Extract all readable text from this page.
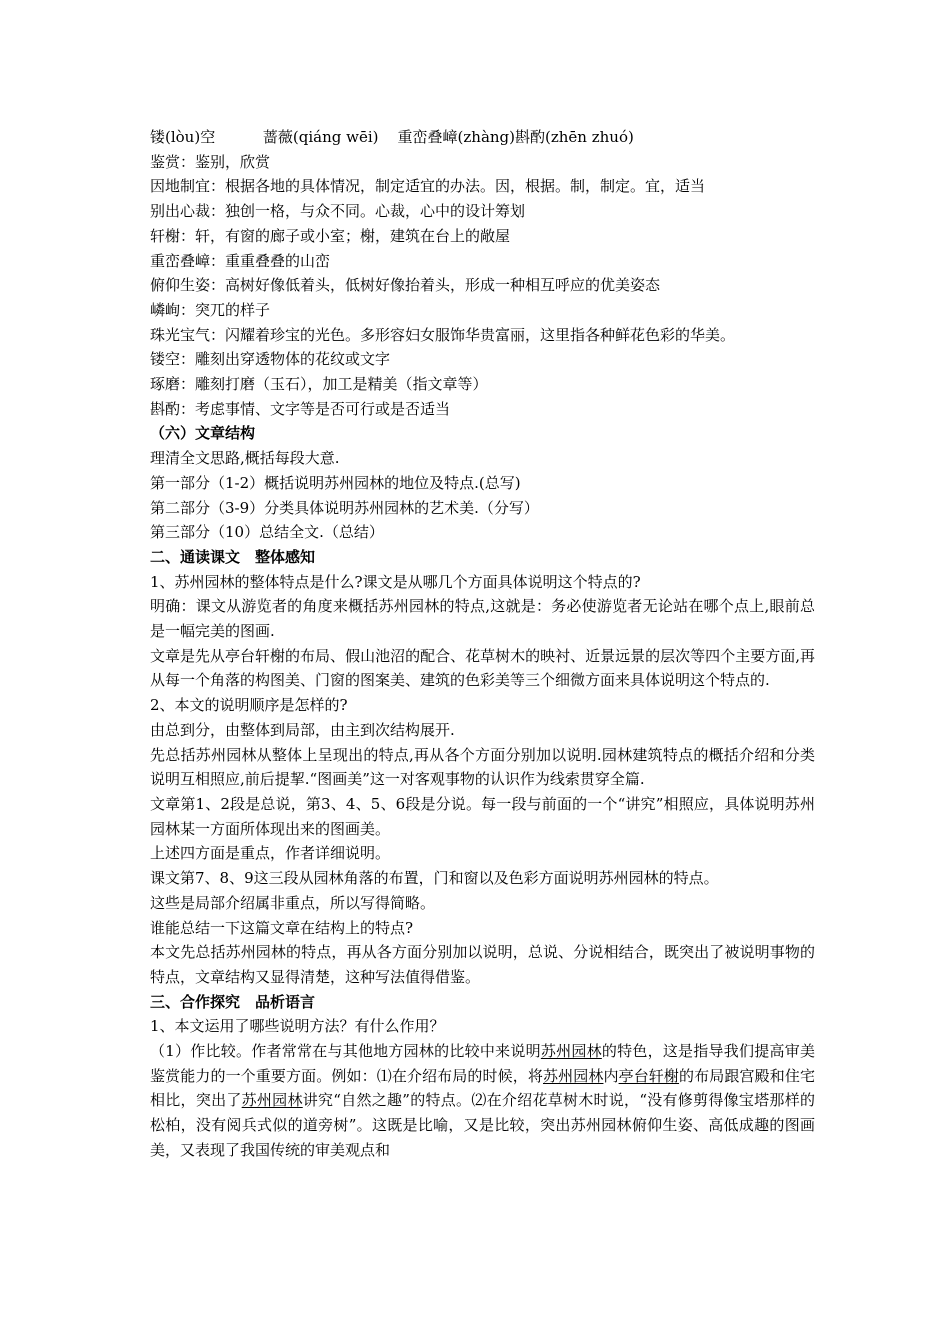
镂(lòu)空          蔷薇(qiáng wēi)    重峦叠嶂(zhàng)斟酌(zhēn zhuó)
鉴赏：鉴别，欣赏
因地制宜：根据各地的具体情况，制定适宜的办法。因，根据。制，制定。宜，适当
别出心裁：独创一格，与众不同。心裁，心中的设计筹划
轩榭：轩，有窗的廊子或小室；榭，建筑在台上的敞屋
重峦叠嶂：重重叠叠的山峦
俯仰生姿：高树好像低着头，低树好像抬着头，形成一种相互呼应的优美姿态
嶙峋：突兀的样子
珠光宝气：闪耀着珍宝的光色。多形容妇女服饰华贵富丽，这里指各种鲜花色彩的华美。
镂空：雕刻出穿透物体的花纹或文字
琢磨：雕刻打磨（玉石），加工是精美（指文章等）
斟酌：考虑事情、文字等是否可行或是否适当
（六）文章结构
理清全文思路,概括每段大意.
第一部分（1-2）概括说明苏州园林的地位及特点.(总写)
第二部分（3-9）分类具体说明苏州园林的艺术美.（分写）
第三部分（10）总结全文.（总结）
二、通读课文　整体感知
1、苏州园林的整体特点是什么?课文是从哪几个方面具体说明这个特点的?
明确：课文从游览者的角度来概括苏州园林的特点,这就是：务必使游览者无论站在哪个点上,眼前总是一幅完美的图画.
文章是先从亭台轩榭的布局、假山池沼的配合、花草树木的映衬、近景远景的层次等四个主要方面,再从每一个角落的构图美、门窗的图案美、建筑的色彩美等三个细微方面来具体说明这个特点的.
2、本文的说明顺序是怎样的?
由总到分，由整体到局部，由主到次结构展开.
先总括苏州园林从整体上呈现出的特点,再从各个方面分别加以说明.园林建筑特点的概括介绍和分类说明互相照应,前后提挈.“图画美”这一对客观事物的认识作为线索贯穿全篇.
文章第1、2段是总说，第3、4、5、6段是分说。每一段与前面的一个“讲究”相照应，具体说明苏州园林某一方面所体现出来的图画美。
上述四方面是重点，作者详细说明。
课文第7、8、9这三段从园林角落的布置，门和窗以及色彩方面说明苏州园林的特点。
这些是局部介绍属非重点，所以写得简略。
谁能总结一下这篇文章在结构上的特点?
本文先总括苏州园林的特点，再从各方面分别加以说明，总说、分说相结合，既突出了被说明事物的特点，文章结构又显得清楚，这种写法值得借鉴。
三、合作探究　品析语言
1、本文运用了哪些说明方法？有什么作用？
（1）作比较。作者常常在与其他地方园林的比较中来说明苏州园林的特色，这是指导我们提高审美鉴赏能力的一个重要方面。例如：⑴在介绍布局的时候，将苏州园林内亭台轩榭的布局跟宫殿和住宅相比，突出了苏州园林讲究“自然之趣”的特点。⑵在介绍花草树木时说，“没有修剪得像宝塔那样的松柏，没有阅兵式似的道旁树”。这既是比喻，又是比较，突出苏州园林俯仰生姿、高低成趣的图画美，又表现了我国传统的审美观点和
